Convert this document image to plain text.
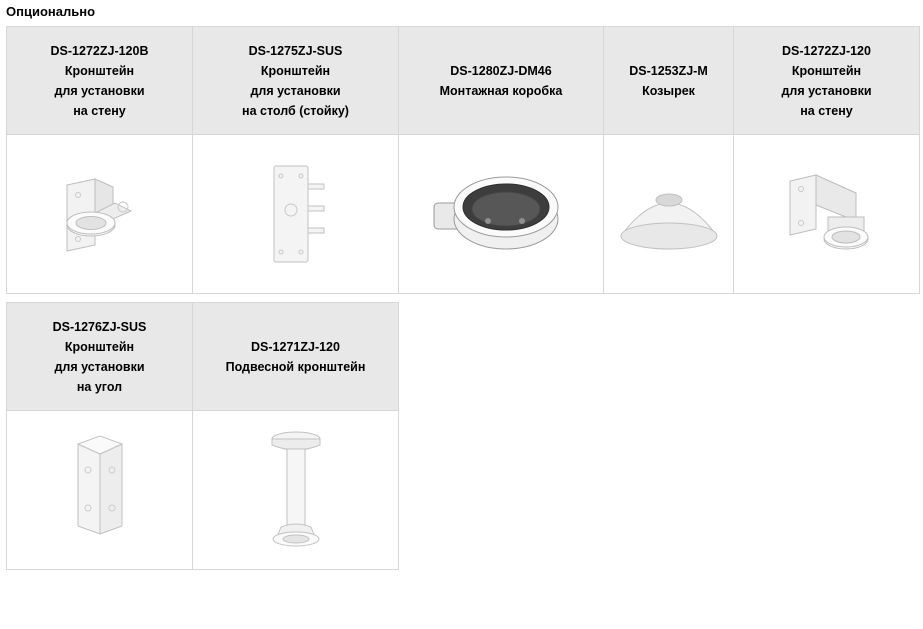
Опционально
DS-1272ZJ-120B
Кронштейн
для установки
на стену	DS-1275ZJ-SUS
Кронштейн
для установки
на столб (стойку)	DS-1280ZJ-DM46
Монтажная коробка	DS-1253ZJ-M
Козырек	DS-1272ZJ-120
Кронштейн
для установки
на стену

DS-1276ZJ-SUS
Кронштейн
для установки
на угол	DS-1271ZJ-120
Подвесной кронштейн
